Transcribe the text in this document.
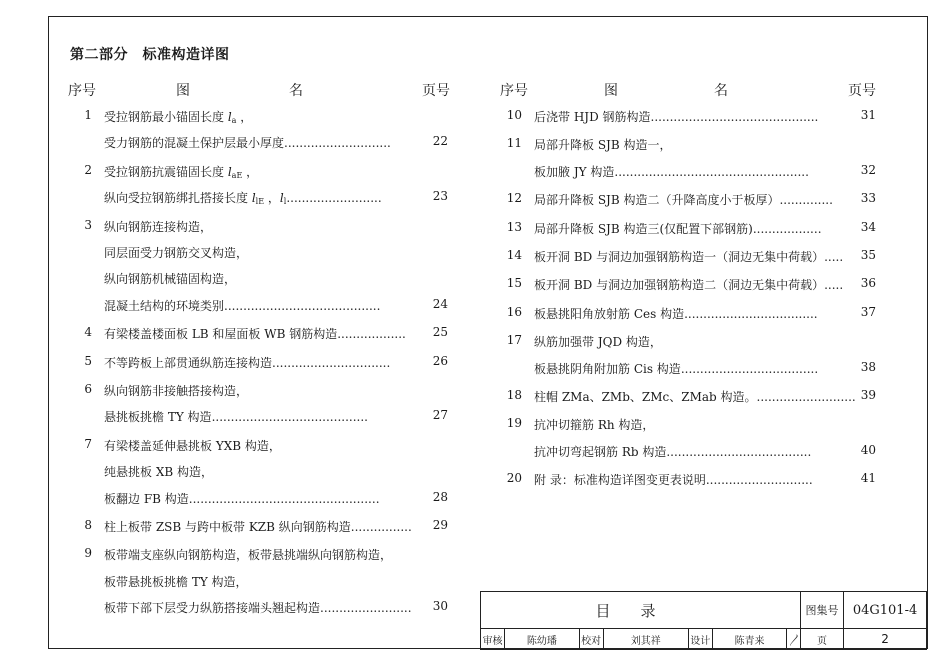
第二部分　标准构造详图
序号	图	名	页号	序号	图	名	页号
1 受拉钢筋最小锚固长度 $l_a$ ，
受力钢筋的混凝土保护层最小厚度............................	22
2 受拉钢筋抗震锚固长度 $l_{aE}$ ，
纵向受拉钢筋绑扎搭接长度 $l_{lE}$ ，$l_l$.........................	23
3 纵向钢筋连接构造，
同层面受力钢筋交叉构造，
纵向钢筋机械锚固构造，
混凝土结构的环境类别.........................................	24
4 有梁楼盖楼面板 LB 和屋面板 WB 钢筋构造..................	25
5 不等跨板上部贯通纵筋连接构造...............................	26
6 纵向钢筋非接触搭接构造，
悬挑板挑檐 TY 构造.........................................	27
7 有梁楼盖延伸悬挑板 YXB 构造，
纯悬挑板 XB 构造，
板翻边 FB 构造..................................................	28
8 柱上板带 ZSB 与跨中板带 KZB 纵向钢筋构造................	29
9 板带端支座纵向钢筋构造，板带悬挑端纵向钢筋构造，
板带悬挑板挑檐 TY 构造，
板带下部下层受力纵筋搭接端头翘起构造........................	30
10 后浇带 HJD 钢筋构造............................................	31
11 局部升降板 SJB 构造一，
板加腋 JY 构造...................................................	32
12 局部升降板 SJB 构造二（升降高度小于板厚）..............	33
13 局部升降板 SJB 构造三(仅配置下部钢筋)..................	34
14 板开洞 BD 与洞边加强钢筋构造一（洞边无集中荷载）.....	35
15 板开洞 BD 与洞边加强钢筋构造二（洞边无集中荷载）.....	36
16 板悬挑阳角放射筋 Ces 构造...................................	37
17 纵筋加强带 JQD 构造，
板悬挑阴角附加筋 Cis 构造....................................	38
18 柱帽 ZMa、ZMb、ZMc、ZMab 构造。.......................... 39
19 抗冲切箍筋 Rh 构造，
抗冲切弯起钢筋 Rb 构造......................................	40
20 附 录：标准构造详图变更表说明............................	41
目录							图集号	04G101-4
审核	陈幼璠	校对	刘其祥	设计	陈青来	〳	页	2
